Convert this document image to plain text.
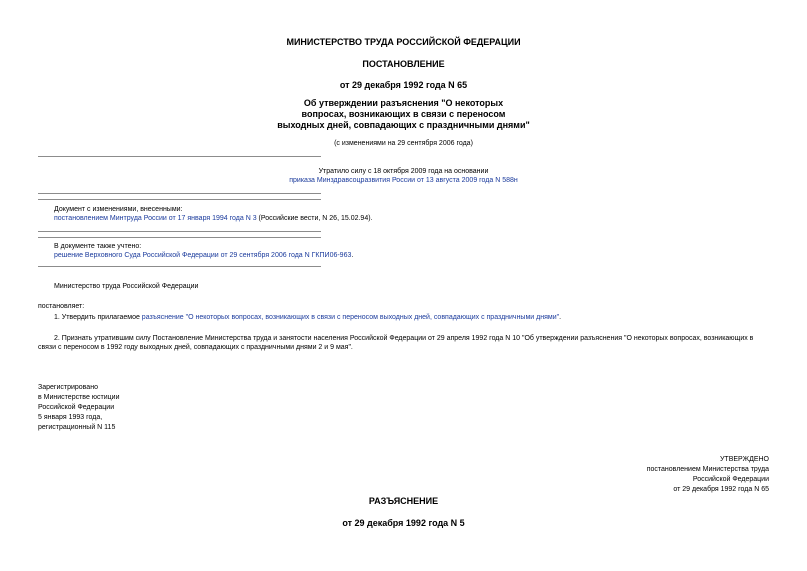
МИНИСТЕРСТВО ТРУДА РОССИЙСКОЙ ФЕДЕРАЦИИ
ПОСТАНОВЛЕНИЕ
от 29 декабря 1992 года N 65
Об утверждении разъяснения "О некоторых
вопросах, возникающих в связи с переносом
выходных дней, совпадающих с праздничными днями"
(с изменениями на 29 сентября 2006 года)
Утратило силу с 18 октября 2009 года на основании
приказа Минздравсоцразвития России от 13 августа 2009 года N 588н
Документ с изменениями, внесенными:
постановлением Минтруда России от 17 января 1994 года N 3 (Российские вести, N 26, 15.02.94).
В документе также учтено:
решение Верховного Суда Российской Федерации от 29 сентября 2006 года N ГКПИ06-963.
Министерство труда Российской Федерации
постановляет:
1. Утвердить прилагаемое разъяснение "О некоторых вопросах, возникающих в связи с переносом выходных дней, совпадающих с праздничными днями".
2. Признать утратившим силу Постановление Министерства труда и занятости населения Российской Федерации от 29 апреля 1992 года N 10 "Об утверждении разъяснения "О некоторых вопросах, возникающих в связи с переносом в 1992 году выходных дней, совпадающих с праздничными днями 2 и 9 мая".
Зарегистрировано
в Министерстве юстиции
Российской Федерации
5 января 1993 года,
регистрационный N 115
УТВЕРЖДЕНО
постановлением Министерства труда
Российской Федерации
от 29 декабря 1992 года N 65
РАЗЪЯСНЕНИЕ
от 29 декабря 1992 года N 5
